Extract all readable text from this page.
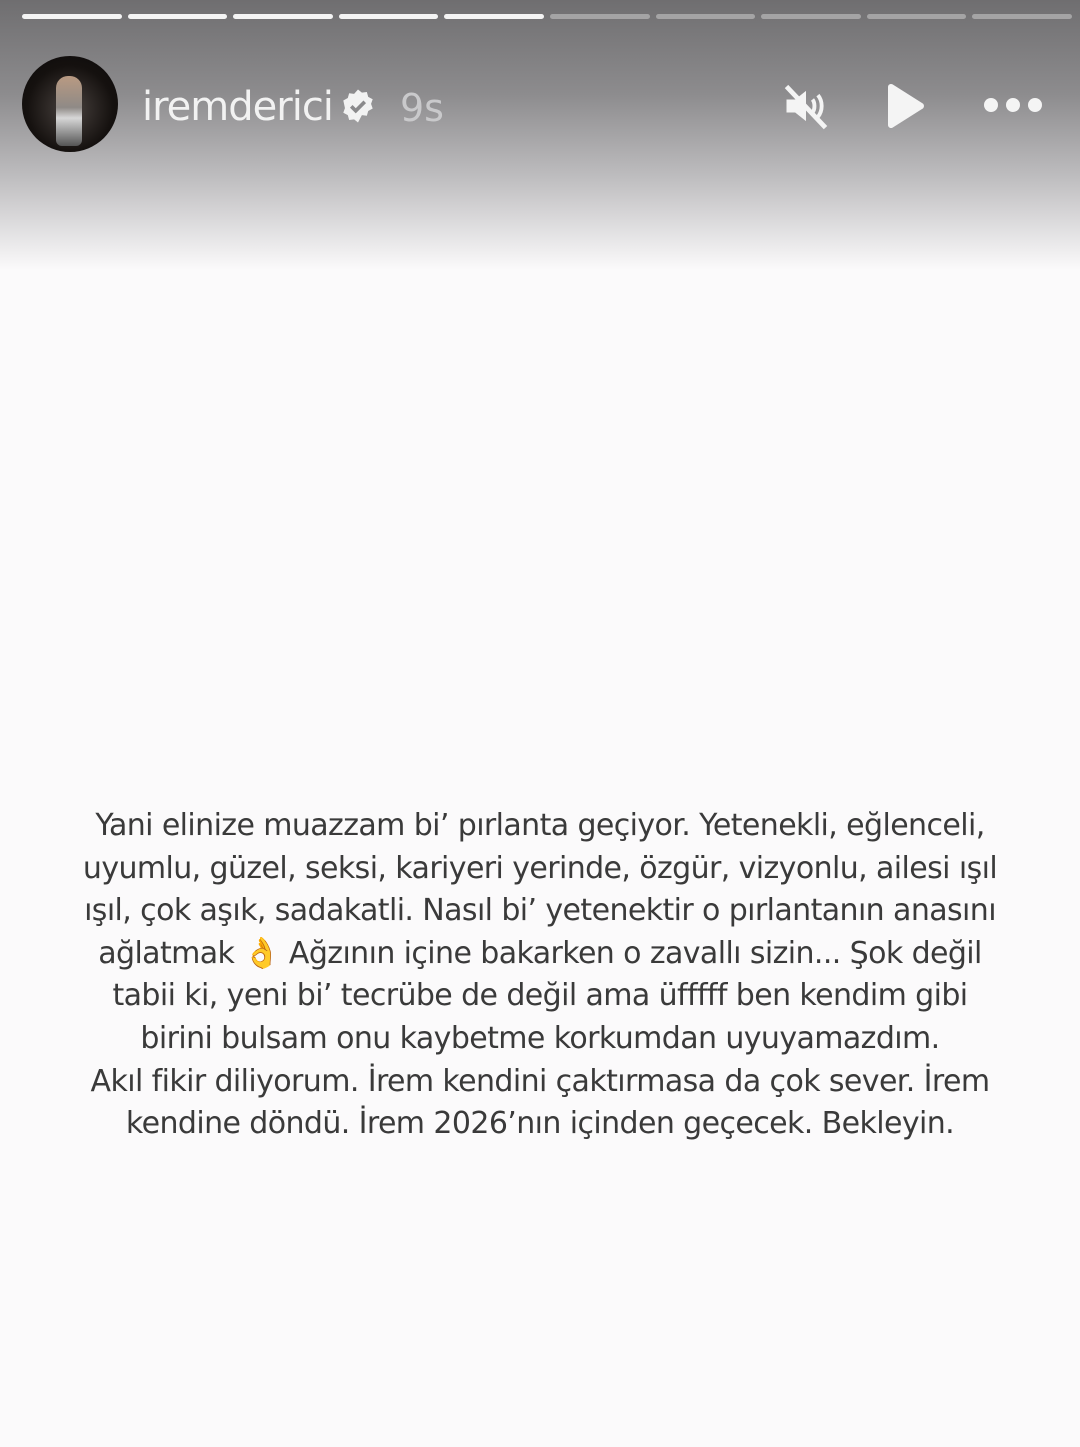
iremderici 9s
Yani elinize muazzam bi’ pırlanta geçiyor. Yetenekli, eğlenceli,
uyumlu, güzel, seksi, kariyeri yerinde, özgür, vizyonlu, ailesi ışıl
ışıl, çok aşık, sadakatli. Nasıl bi’ yetenektir o pırlantanın anasını
ağlatmak 👌 Ağzının içine bakarken o zavallı sizin... Şok değil
tabii ki, yeni bi’ tecrübe de değil ama üfffff ben kendim gibi
birini bulsam onu kaybetme korkumdan uyuyamazdım.
Akıl fikir diliyorum. İrem kendini çaktırmasa da çok sever. İrem
kendine döndü. İrem 2026’nın içinden geçecek. Bekleyin.
